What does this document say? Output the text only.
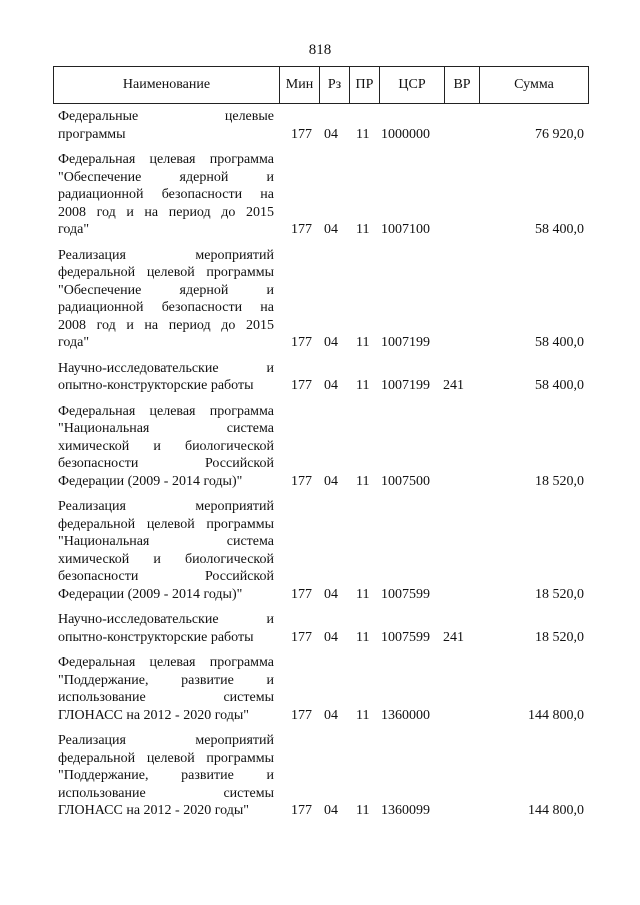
818
Наименование	Мин	Рз	ПР	ЦСР	ВР	Сумма
Федеральные целевые
программы	177 04 11 1000000	76 920,0
Федеральная целевая программа
"Обеспечение ядерной и
радиационной безопасности на
2008 год и на период до 2015
года"	177 04 11 1007100	58 400,0
Реализация мероприятий
федеральной целевой программы
"Обеспечение ядерной и
радиационной безопасности на
2008 год и на период до 2015
года"	177 04 11 1007199	58 400,0
Научно-исследовательские и
опытно-конструкторские работы	177 04 11 1007199 241	58 400,0
Федеральная целевая программа
"Национальная система
химической и биологической
безопасности Российской
Федерации (2009 - 2014 годы)"	177 04 11 1007500	18 520,0
Реализация мероприятий
федеральной целевой программы
"Национальная система
химической и биологической
безопасности Российской
Федерации (2009 - 2014 годы)"	177 04 11 1007599	18 520,0
Научно-исследовательские и
опытно-конструкторские работы	177 04 11 1007599 241	18 520,0
Федеральная целевая программа
"Поддержание, развитие и
использование системы
ГЛОНАСС на 2012 - 2020 годы"	177 04 11 1360000	144 800,0
Реализация мероприятий
федеральной целевой программы
"Поддержание, развитие и
использование системы
ГЛОНАСС на 2012 - 2020 годы"	177 04 11 1360099	144 800,0
